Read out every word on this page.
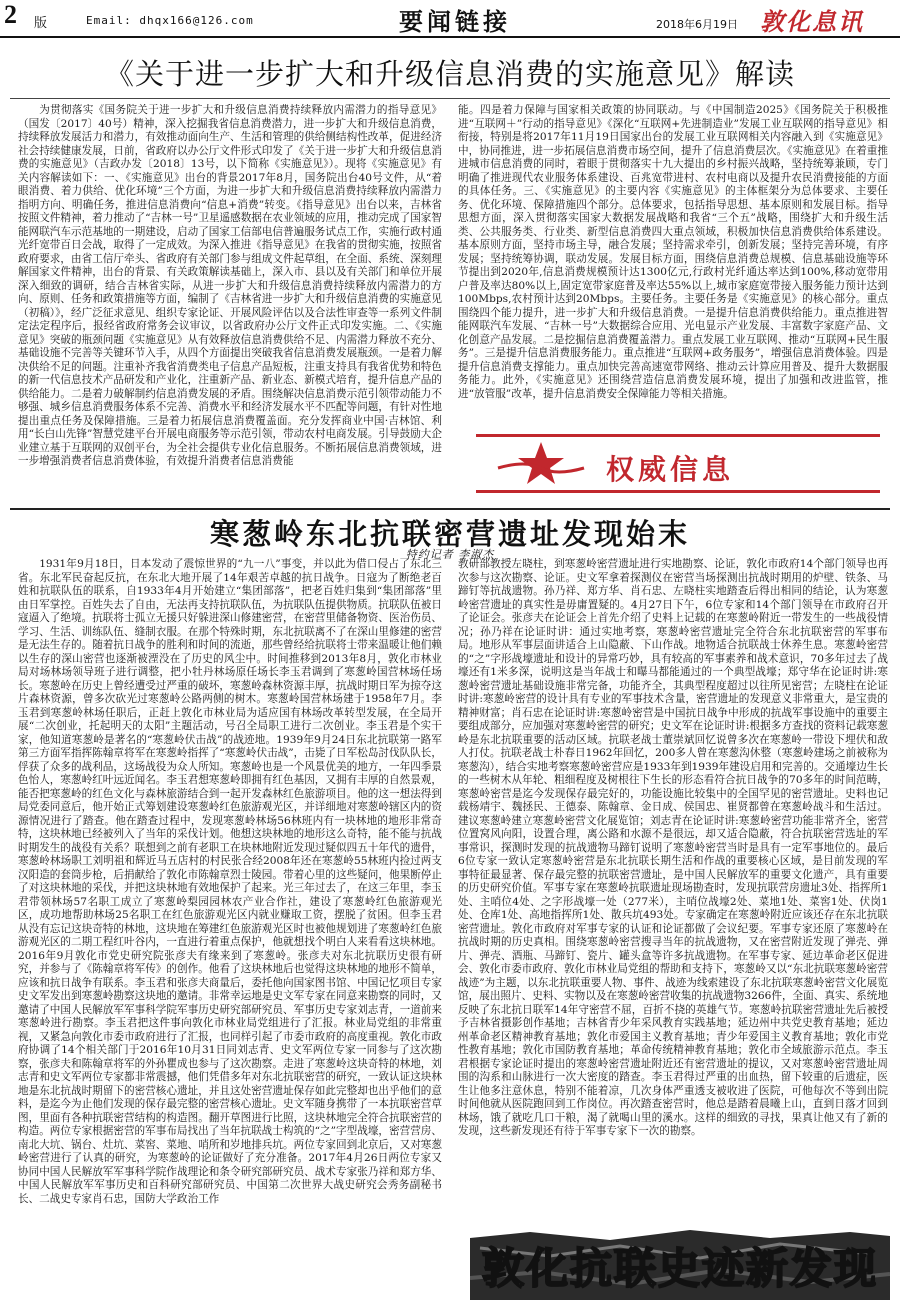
2 版	Email: dhqx166@126.com	要闻链接	2018年6月19日 敦化息讯
《关于进一步扩大和升级信息消费的实施意见》解读

为贯彻落实《国务院关于进一步扩大和升级信息消费持续释放内需潜力的指导意见》（国发〔2017〕40号）精神，深入挖掘我省信息消费潜力，进一步扩大和升级信息消费，持续释放发展活力和潜力，有效推动面向生产、生活和管理的供给侧结构性改革，促进经济社会持续健康发展，日前，省政府以办公厅文件形式印发了《关于进一步扩大和升级信息消费的实施意见》（吉政办发〔2018〕13号，以下简称《实施意见》）。现将《实施意见》有关内容解读如下：一、《实施意见》出台的背景2017年8月，国务院出台40号文件，从“着眼消费、着力供给、优化环境”三个方面，为进一步扩大和升级信息消费持续释放内需潜力指明方向、明确任务，推进信息消费向“信息+消费”转变。《指导意见》出台以来，吉林省按照文件精神，着力推动了“吉林一号”卫星遥感数据在农业领域的应用，推动完成了国家智能网联汽车示范基地的一期建设，启动了国家工信部电信普遍服务试点工作，实施行政村通光纤宽带百日会战，取得了一定成效。为深入推进《指导意见》在我省的贯彻实施，按照省政府要求，由省工信厅牵头、省政府有关部门参与组成文件起草组，在全面、系统、深刻理解国家文件精神，出台的背景、有关政策解读基础上，深入市、县以及有关部门和单位开展深入细致的调研，结合吉林省实际，从进一步扩大和升级信息消费持续释放内需潜力的方向、原则、任务和政策措施等方面，编制了《吉林省进一步扩大和升级信息消费的实施意见（初稿）》，经广泛征求意见、组织专家论证、开展风险评估以及合法性审查等一系列文件制定法定程序后，报经省政府常务会议审议，以省政府办公厅文件正式印发实施。二、《实施意见》突破的瓶颈问题《实施意见》从有效释放信息消费供给不足、内需潜力释放不充分、基础设施不完善等关键环节入手，从四个方面提出突破我省信息消费发展瓶颈。一是着力解决供给不足的问题。注重补齐我省消费类电子信息产品短板，注重支持具有我省优势和特色的新一代信息技术产品研发和产业化，注重新产品、新业态、新模式培育，提升信息产品的供给能力。二是着力破解制约信息消费发展的矛盾。围绕解决信息消费示范引领带动能力不够强、城乡信息消费服务体系不完善、消费水平和经济发展水平不匹配等问题，有针对性地提出重点任务及保障措施。三是着力拓展信息消费覆盖面。充分发挥商业中国·吉林馆、利用“长白山先锋”智慧党建平台开展电商服务等示范引领，带动农村电商发展。引导鼓励大企业建立基于互联网的双创平台，为全社会提供专业化信息服务。不断拓展信息消费领域，进一步增强消费者信息消费体验，有效提升消费者信息消费能

能。四是着力保障与国家相关政策的协同联动。与《中国制造2025》《国务院关于积极推进“互联网＋”行动的指导意见》《深化“互联网+先进制造业”发展工业互联网的指导意见》相衔接，特别是将2017年11月19日国家出台的发展工业互联网相关内容融入到《实施意见》中，协同推进，进一步拓展信息消费市场空间，提升了信息消费层次。《实施意见》在着重推进城市信息消费的同时，着眼于贯彻落实十九大提出的乡村振兴战略，坚持统筹兼顾，专门明确了推进现代农业服务体系建设、百兆宽带进村、农村电商以及提升农民消费接能的方面的具体任务。三、《实施意见》的主要内容《实施意见》的主体框架分为总体要求、主要任务、优化环境、保障措施四个部分。总体要求，包括指导思想、基本原则和发展目标。指导思想方面，深入贯彻落实国家大数据发展战略和我省“三个五”战略，围绕扩大和升级生活类、公共服务类、行业类、新型信息消费四大重点领域，积极加快信息消费供给体系建设。基本原则方面，坚持市场主导，融合发展；坚持需求牵引，创新发展；坚持完善环境，有序发展；坚持统筹协调，联动发展。发展目标方面，围绕信息消费总规模、信息基础设施等环节提出到2020年,信息消费规模预计达1300亿元,行政村光纤通达率达到100%,移动宽带用户普及率达80%以上,固定宽带家庭普及率达55%以上,城市家庭宽带接入服务能力预计达到100Mbps,农村预计达到20Mbps。主要任务。主要任务是《实施意见》的核心部分。重点围绕四个能力提升，进一步扩大和升级信息消费。一是提升信息消费供给能力。重点推进智能网联汽车发展、“吉林一号”大数据综合应用、光电显示产业发展、丰富数字家庭产品、文化创意产品发展。二是挖掘信息消费覆盖潜力。重点发展工业互联网、推动“互联网+民生服务”。三是提升信息消费服务能力。重点推进“互联网+政务服务”，增强信息消费体验。四是提升信息消费支撑能力。重点加快完善高速宽带网络、推动云计算应用普及、提升大数据服务能力。此外，《实施意见》还围绕营造信息消费发展环境，提出了加强和改进监管，推进“放管服”改革，提升信息消费安全保障能力等相关措施。

权威信息
寒葱岭东北抗联密营遗址发现始末
特约记者 李淑杰

1931年9月18日，日本发动了震惊世界的“九一八”事变，并以此为借口侵占了东北三省。东北军民奋起反抗，在东北大地开展了14年艰苦卓越的抗日战争。日寇为了断绝老百姓和抗联队伍的联系，自1933年4月开始建立“集团部落”，把老百姓归集到“集团部落”里由日军掌控。百姓失去了自由，无法再支持抗联队伍，为抗联队伍提供物质。抗联队伍被日寇逼入了绝境。抗联将士孤立无援只好躲进深山修建密营，在密营里储备物资、医治伤员、学习、生活、训练队伍、缝制衣服。在那个特殊时期，东北抗联离不了在深山里修建的密营是无法生存的。随着抗日战争的胜利和时间的流逝，那些曾经给抗联将士带来温暖让他们赖以生存的深山密营也逐渐被湮没在了历史的风尘中。时间推移到2013年8月，敦化市林业局对场林场领导班子进行调整，把小牡丹林场原任场长李玉君调到了寒葱岭国营林场任场长。寒葱岭在历史上曾经遭受过严重的破坏，寒葱岭森林资源丰厚，抗战时期日军为掠夺这片森林资源，曾多次砍光过寒葱岭公路两侧的树木。寒葱岭国营林场建于1958年7月。李玉君到寒葱岭林场任职后，正赶上敦化市林业局为适应国有林场改革转型发展，在全局开展“二次创业，托起明天的太阳”主题活动，号召全局职工进行二次创业。李玉君是个实干家，他知道寒葱岭是著名的“寒葱岭伏击战”的战迹地。1939年9月24日东北抗联第一路军第三方面军指挥陈翰章将军在寒葱岭指挥了“寒葱岭伏击战”，击毙了日军松岛討伐队队长，俘获了众多的战利品，这场战役为众人所知。寒葱岭也是一个风景优美的地方，一年四季景色怡人，寒葱岭红叶远近闻名。李玉君想寒葱岭即拥有红色基因，又拥有丰厚的自然景观，能否把寒葱岭的红色文化与森林旅游结合到一起开发森林红色旅游项目。他的这一想法得到局党委同意后，他开始正式筹划建设寒葱岭红色旅游观光区，并详细地对寒葱岭辖区内的资源情况进行了踏查。他在踏查过程中，发现寒葱岭林场56林班内有一块林地的地形非常奇特，这块林地已经被列入了当年的采伐计划。他想这块林地的地形这么奇特，能不能与抗战时期发生的战役有关系？联想到之前有老职工在块林地附近发现过疑似四五十年代的遗骨，寒葱岭林场职工刘明祖和辉近马五店村的村民张合经2008年还在寒葱岭55林班内捡过两支汉阳造的套筒步枪，后捐献给了敦化市陈翰章烈士陵园。带着心里的这些疑问，他果断停止了对这块林地的采伐，并把这块林地有效地保护了起来。光三年过去了，在这三年里，李玉君带领林场57名职工成立了寒葱岭梨园园林农产业合作社，建设了寒葱岭红色旅游观光区，成功地帮助林场25名职工在红色旅游观光区内就业赚取工资，摆脱了贫困。但李玉君从没有忘记这块奇特的林地，这块地在筹建红色旅游观光区时也被他规划进了寒葱岭红色旅游观光区的二期工程红叶谷内，一直进行着重点保护，他就想找个明白人来看看这块林地。2016年9月敦化市党史研究院张彦夫有缘来到了寒葱岭。张彦夫对东北抗联历史很有研究，并参与了《陈翰章将军传》的创作。他看了这块林地后也觉得这块林地的地形不简单，应该和抗日战争有联系。李玉君和张彦夫商量后，委托他向国家图书馆、中国记忆项目专家史文军发出到寒葱岭勘察这块地的邀请。非常幸运地是史文军专家在同意来勘察的同时，又邀请了中国人民解放军军事科学院军事历史研究部研究员、军事历史专家刘志青，一道前来寒葱岭进行勘察。李玉君把这件事向敦化市林业局党组进行了汇报。林业局党组的非常重视，又紧急向敦化市委市政府进行了汇报，也同样引起了市委市政府的高度重视。敦化市政府协调了14个相关部门于2016年10月31日同刘志青、史文军两位专家一同参与了这次勘察，张彦夫和陈翰章将军的外孙瞿成也参与了这次勘察。走进了寒葱岭这块奇特的林地，刘志青和史文军两位专家都非常震撼，他们凭借多年对东北抗联密营的研究，一致认证这块林地是东北抗战时期留下的密营核心遗址，并且这处密营遗址保存如此完整却也出乎他们的意料，是迄今为止他们发现的保存最完整的密营核心遗址。史文军随身携带了一本抗联密营草图，里面有各种抗联密营结构的构造图。翻开草图进行比照，这块林地完全符合抗联密营的构造。两位专家根据密营的军事布局找出了当年抗联战士构筑的“之”字型战壕，密营营房、南北大坑、锅台、灶坑、菜窖、菜地、哨所和岁地排兵坑。两位专家回到北京后，又对寒葱岭密营进行了认真的研究，为寒葱岭的论证做好了充分准备。2017年4月26日两位专家又协同中国人民解放军军事科学院作战理论和条令研究部研究员、战术专家张乃祥和郑方华、中国人民解放军军事历史和百科研究部研究员、中国第二次世界大战史研究会秀务副秘书长、二战史专家肖石忠，国防大学政治工作

教研部教授左晓柱，到寒葱岭密营遗址进行实地勘察、论证，敦化市政府14个部门领导也再次参与这次勘察、论证。史文军拿着探测仪在密营当场探测出抗战时期用的炉壁、铁条、马蹄钉等抗战遗物。孙乃祥、郑方华、肖石忠、左晓柱实地踏查后得出相同的结论，认为寒葱岭密营遗址的真实性是毋庸置疑的。4月27日下午，6位专家和14个部门领导在市政府召开了论证会。张彦夫在论证会上首先介绍了史料上记载的在寒葱岭附近一带发生的一些战役情况；孙乃祥在论证时讲：通过实地考察，寒葱岭密营遗址完全符合东北抗联密营的军事布局。地形从军事层面讲适合上山隐蔽、下山作战。地物适合抗联战士休养生息。寒葱岭密营的“之”字形战壕遗址和设计的异常巧妙，具有较高的军事素养和战术意识，70多年过去了战壕还有1米多深，说明这是当年战士和曝马都能通过的一个典型战壕；郑守华在论证时讲:寒葱岭密营遗址基础设施非常完备，功能齐全，其典型程度超过以往所见密营；左晓柱在论证时讲:寒葱岭密营的设计具有专业的军事技术含量，密营遗址的发现意义非常重大，是宝贵的精神财富；肖石忠在论证时讲:寒葱岭密营是中国抗日战争中形成的抗战军事设施中的重要主要组成部分，应加强对寒葱岭密营的研究；史文军在论证时讲:根据多方查找的资料记载寒葱岭是东北抗联重要的活动区域。抗联老战士董崇斌回忆说曾多次在寒葱岭一带设下埋伏和敌人打仗。抗联老战士朴春日1962年回忆，200多人曾在寒葱沟休整（寒葱岭建场之前被称为寒葱沟），结合实地考察寒葱岭密营应是1933年到1939年建设启用和完善的。交通壕边生长的一些树木从年轮、粗细程度及树根往下生长的形态看符合抗日战争的70多年的时间范畴，寒葱岭密营是迄今发现保存最完好的，功能设施比较集中的全国罕见的密营遗址。史料也记载杨靖宇、魏拯民、王德泰、陈翰章、金日成、侯国忠、崔贤都曾在寒葱岭战斗和生活过。建议寒葱岭建立寒葱岭密营文化展览馆；刘志青在论证时讲:寒葱岭密营功能非常齐全，密营位置窝风向阳，设置合理，离公路和水源不是很远，却又适合隐蔽，符合抗联密营选址的军事常识，探测时发现的抗战遗物马蹄钉说明了寒葱岭密营当时是具有一定军事地位的。最后6位专家一致认定寒葱岭密营是东北抗联长期生活和作战的重要核心区域，是目前发现的军事特征最显著、保存最完整的抗联密营遗址，是中国人民解放军的重要文化遗产，具有重要的历史研究价值。军事专家在寒葱岭抗联遗址现场勘查时，发现抗联营房遗址3处、指挥所1处、主哨位4处、之字形战壕一处（277米），主哨位战壕2处、菜地1处、菜窖1处、伏岗1处、仓库1处、高地指挥所1处、散兵坑493处。专家确定在寒葱岭附近应该还存在东北抗联密营遗址。敦化市政府对军事专家的认证和论证都做了会议纪要。军事专家还原了寒葱岭在抗战时期的历史真相。围绕寒葱岭密营搜寻当年的抗战遗物，又在密营附近发现了弹壳、弹片、弹壳、酒瓶、马蹄钉、瓷片、罐头盒等许多抗战遗物。在军事专家、延边革命老区促进会、敦化市委市政府、敦化市林业局党组的帮助和支持下，寒葱岭又以“东北抗联寒葱岭密营战迹”为主题，以东北抗联重要人物、事件、战迹为线索建设了东北抗联寒葱岭密营文化展览馆，展出照片、史料、实物以及在寒葱岭密营收集的抗战遗物3266件，全面、真实、系统地反映了东北抗日联军14年守密营不屈，百折不挠的英雄气节。寒葱岭抗联密营遗址先后被授予吉林省摄影创作基地；吉林省青少年采风教育实践基地；延边州中共党史教育基地；延边州革命老区精神教育基地；敦化市爱国主义教育基地；青少年爱国主义教育基地；敦化市党性教育基地；敦化市国防教育基地；革命传统精神教育基地；敦化市全域旅游示范点。李玉君根据专家论证时提出的寒葱岭密营遗址附近还有密营遗址的提议，又对寒葱岭密营遗址周围的沟系和山脉进行一次大密度的踏查。李玉君得过严重的出血热，留下较重的后遗症，医生让他多注意休息，特别不能着凉，几次身体严重透支被收进了医院，可他每次不等到出院时间他就从医院跑回到工作岗位。再次踏查密营时，他总是踏着晨曦上山，直到日落才回到林场，饿了就吃几口干粮，渴了就喝山里的溪水。这样的细致的寻找，果真让他又有了新的发现，这些新发现还有待于军事专家下一次的勘察。

敦化抗联史迹新发现
